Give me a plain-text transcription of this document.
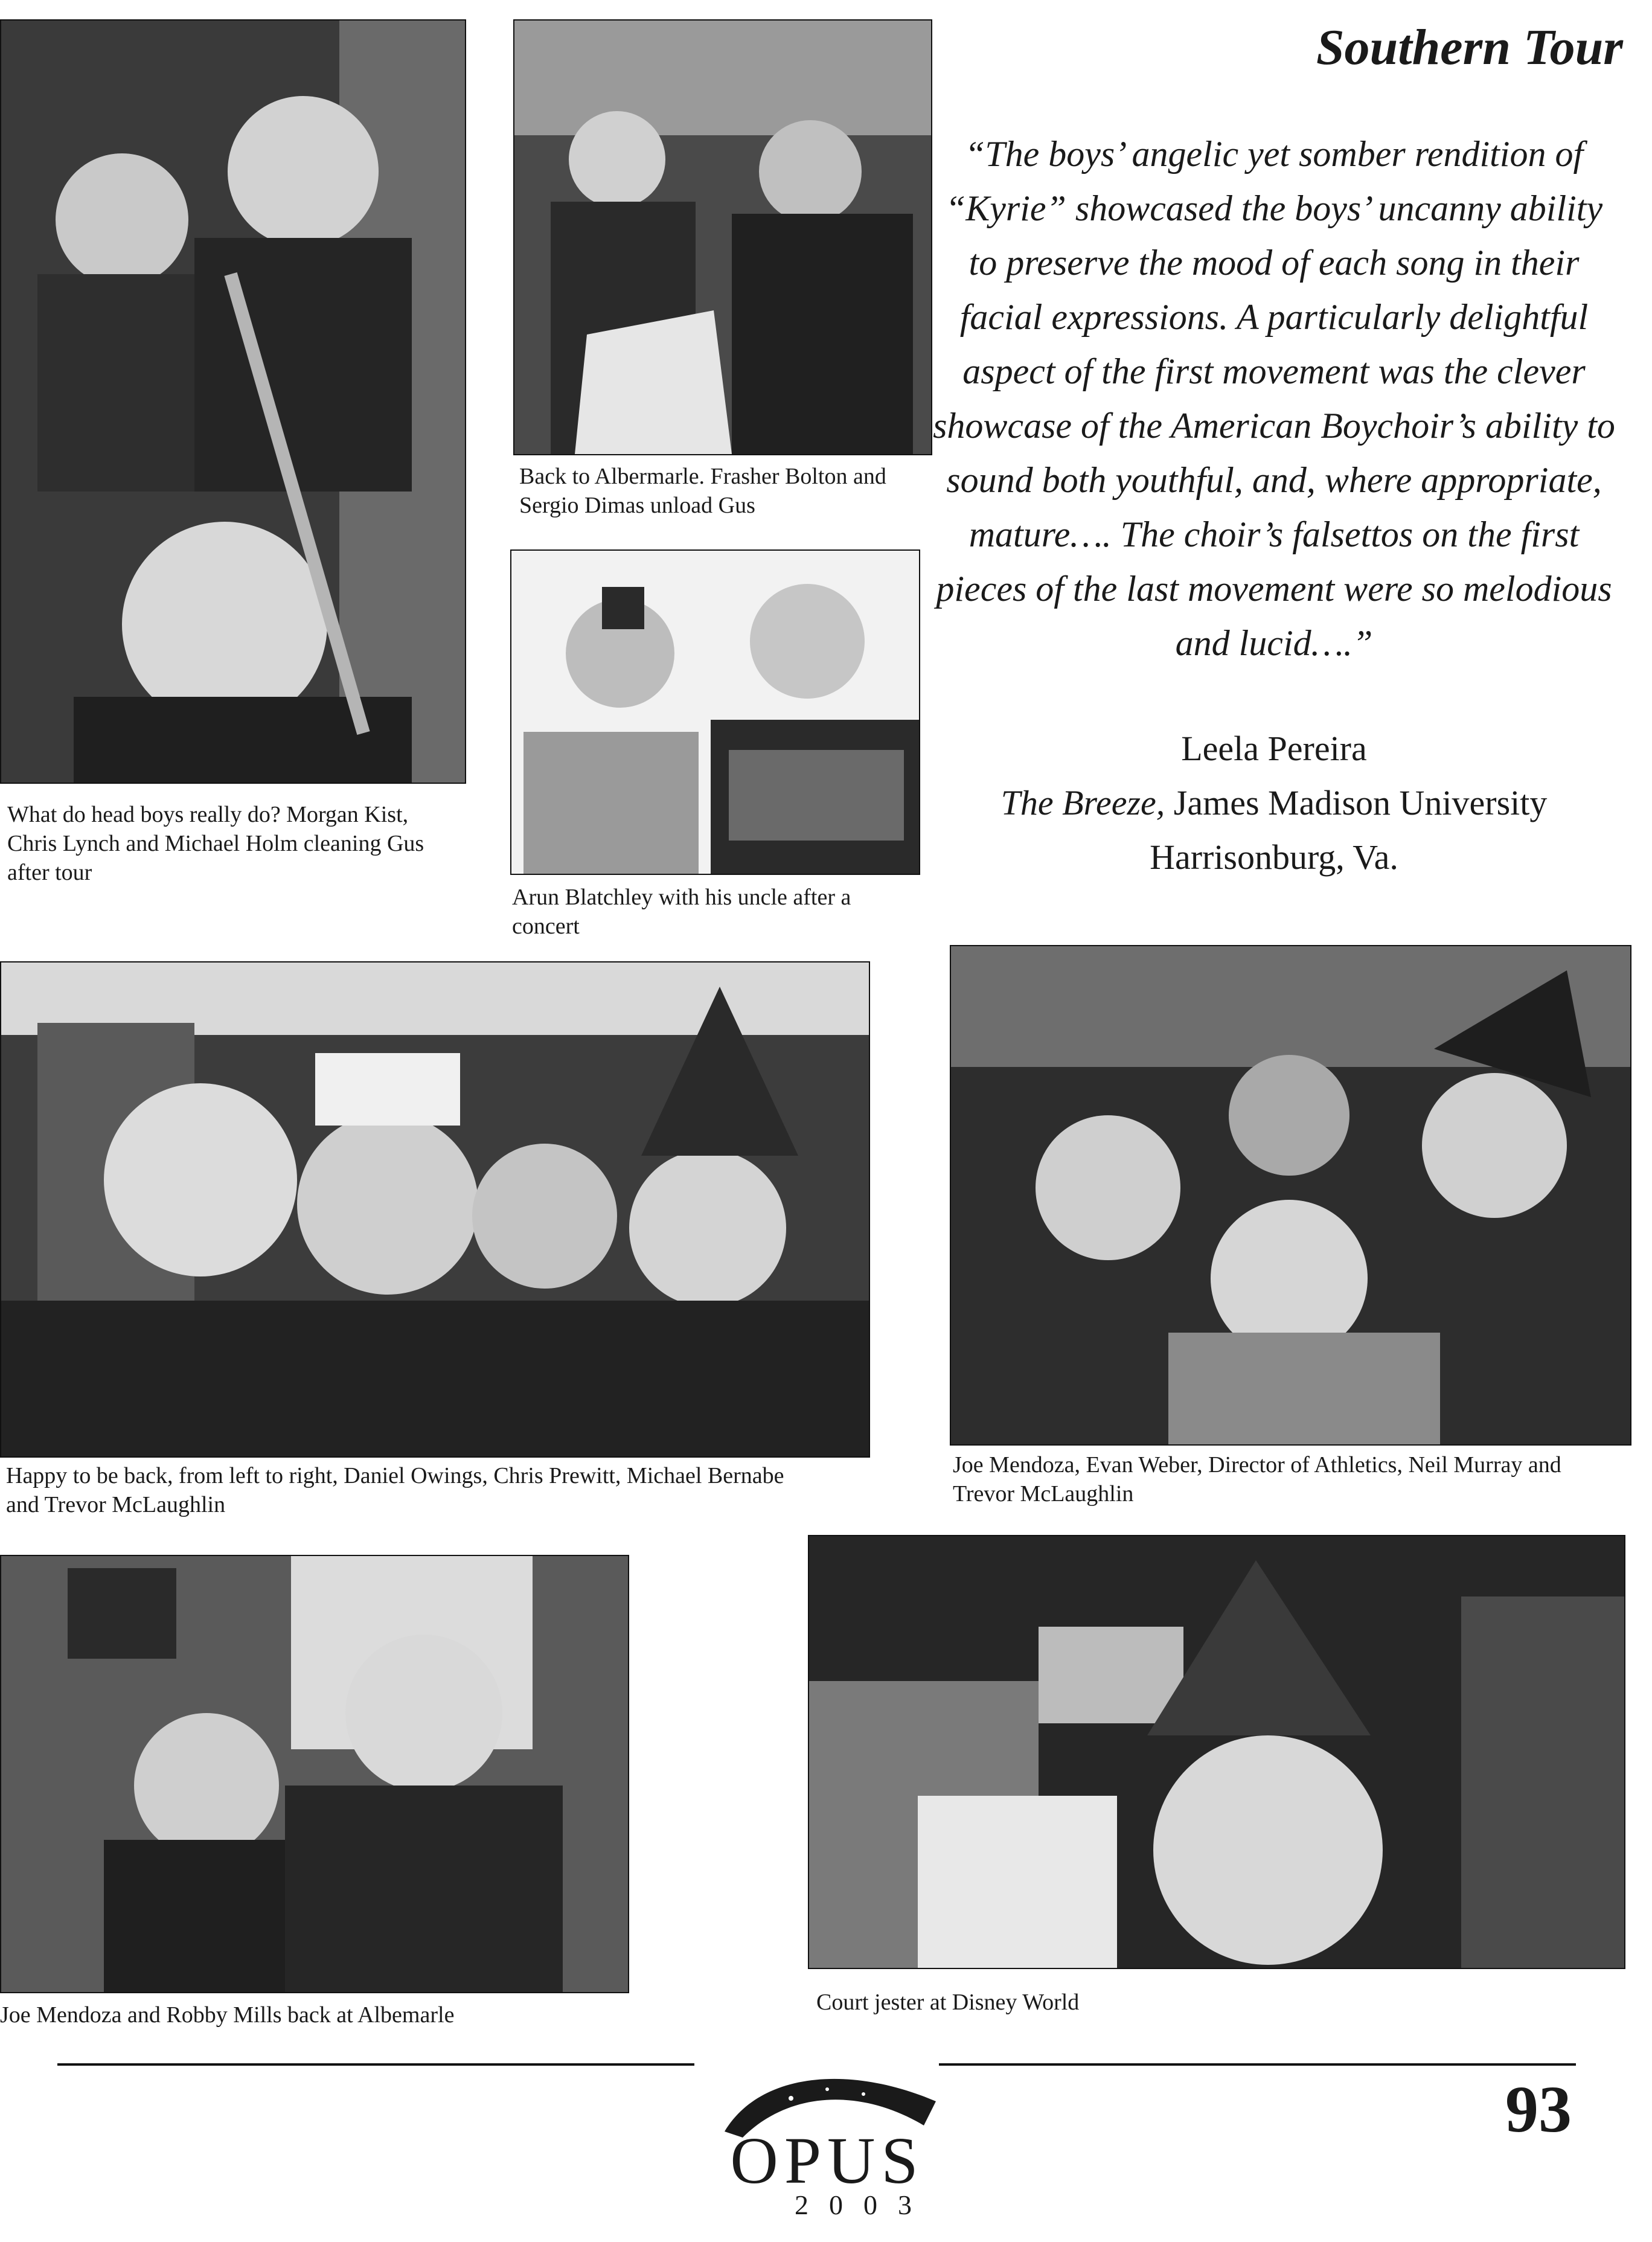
Southern Tour
What do head boys really do? Morgan Kist, Chris Lynch and Michael Holm cleaning Gus after tour
Back to Albermarle. Frasher Bolton and Sergio Dimas unload Gus
Arun Blatchley with his uncle after a concert
“The boys’ angelic yet somber rendition of “Kyrie” showcased the boys’ uncanny ability to preserve the mood of each song in their facial expressions. A particularly delightful aspect of the first movement was the clever showcase of the American Boychoir’s ability to sound both youthful, and, where appropriate, mature…. The choir’s falsettos on the first pieces of the last movement were so melodious and lucid….”
Leela Pereira
The Breeze, James Madison University
Harrisonburg, Va.
Happy to be back, from left to right, Daniel Owings, Chris Prewitt, Michael Bernabe and Trevor McLaughlin
Joe Mendoza, Evan Weber, Director of Athletics, Neil Murray and Trevor McLaughlin
Joe Mendoza and Robby Mills back at Albemarle	Court jester at Disney World
OPUS
2003
93
